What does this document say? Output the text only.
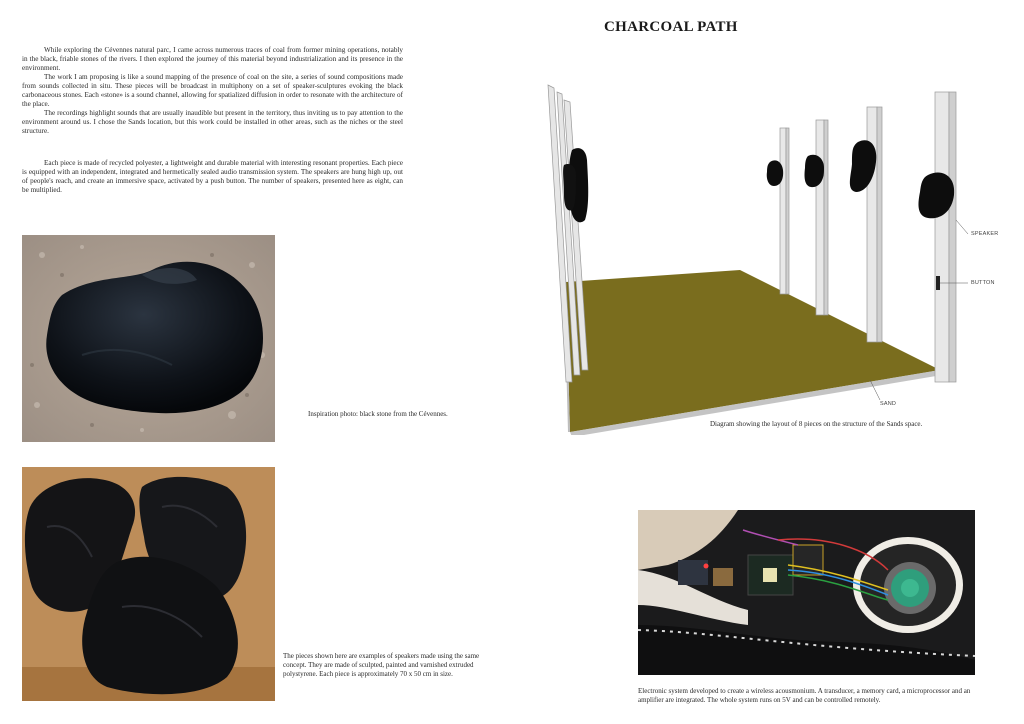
While exploring the Cévennes natural parc, I came across numerous traces of coal from former mining operations, notably in the black, friable stones of the rivers. I then explored the journey of this material beyond industrialization and its presence in the environment.

The work I am proposing is like a sound mapping of the presence of coal on the site, a series of sound compositions made from sounds collected in situ. These pieces will be broadcast in multiphony on a set of speaker-sculptures evoking the black carbonaceous stones. Each «stone» is a sound channel, allowing for spatialized diffusion in order to resonate with the architecture of the place.

The recordings highlight sounds that are usually inaudible but present in the territory, thus inviting us to pay attention to the environment around us. I chose the Sands location, but this work could be installed in other areas, such as the niches or the steel structure.

Each piece is made of recycled polyester, a lightweight and durable material with interesting resonant properties. Each piece is equipped with an independent, integrated and hermetically sealed audio transmission system. The speakers are hung high up, out of people's reach, and create an immersive space, activated by a push button. The number of speakers, presented here as eight, can be multiplied.

Inspiration photo: black stone from the Cévennes.
The pieces shown here are examples of speakers made using the same concept. They are made of sculpted, painted and varnished extruded polystyrene. Each piece is approximately 70 x 50 cm in size.
CHARCOAL PATH
SPEAKER
BUTTON
SAND
Diagram showing the layout of 8 pieces on the structure of the Sands space.
Electronic system developed to create a wireless acousmonium. A transducer, a memory card, a microprocessor and an amplifier are integrated. The whole system runs on 5V and can be controlled remotely.
